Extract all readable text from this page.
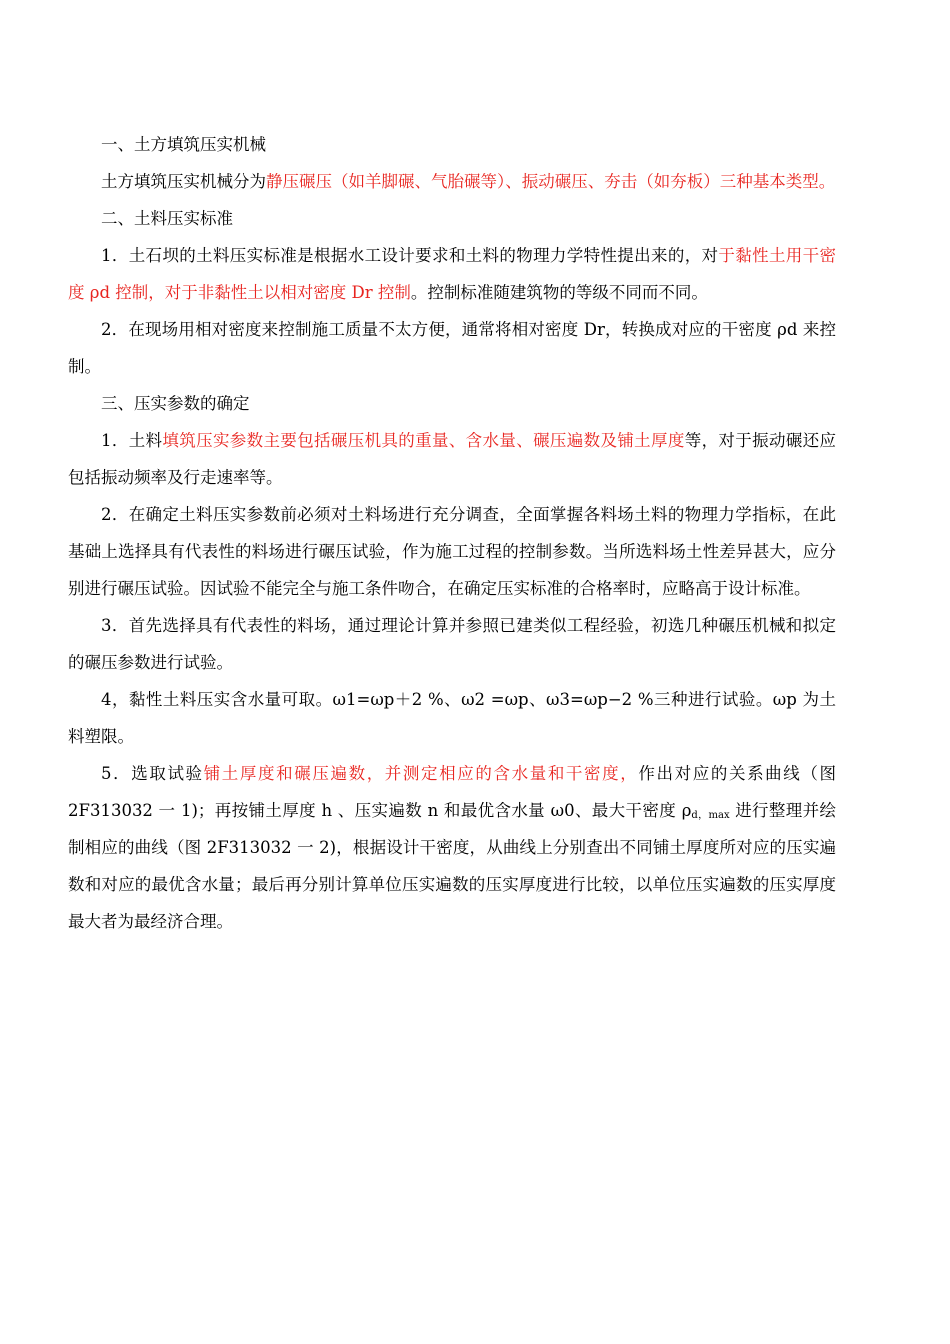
一、土方填筑压实机械

土方填筑压实机械分为静压碾压（如羊脚碾、气胎碾等）、振动碾压、夯击（如夯板）三种基本类型。

二、土料压实标准

1．土石坝的土料压实标准是根据水工设计要求和土料的物理力学特性提出来的，对于黏性土用干密度 ρd 控制，对于非黏性土以相对密度 Dr 控制。控制标准随建筑物的等级不同而不同。

2．在现场用相对密度来控制施工质量不太方便，通常将相对密度 Dr，转换成对应的干密度 ρd 来控制。

三、压实参数的确定

1．土料填筑压实参数主要包括碾压机具的重量、含水量、碾压遍数及铺土厚度等，对于振动碾还应包括振动频率及行走速率等。

2．在确定土料压实参数前必须对土料场进行充分调查，全面掌握各料场土料的物理力学指标，在此基础上选择具有代表性的料场进行碾压试验，作为施工过程的控制参数。当所选料场土性差异甚大，应分别进行碾压试验。因试验不能完全与施工条件吻合，在确定压实标准的合格率时，应略高于设计标准。

3．首先选择具有代表性的料场，通过理论计算并参照已建类似工程经验，初选几种碾压机械和拟定的碾压参数进行试验。

4，黏性土料压实含水量可取。ω1=ωp＋2 %、ω2 =ωp、ω3=ωp−2 %三种进行试验。ωp 为土料塑限。

5．选取试验铺土厚度和碾压遍数，并测定相应的含水量和干密度，作出对应的关系曲线（图 2F313032 一 1)；再按铺土厚度 h 、压实遍数 n 和最优含水量 ω0、最大干密度 $\rho_{d,max}$ 进行整理并绘制相应的曲线（图 2F313032 一 2)，根据设计干密度，从曲线上分别查出不同铺土厚度所对应的压实遍数和对应的最优含水量；最后再分别计算单位压实遍数的压实厚度进行比较，以单位压实遍数的压实厚度最大者为最经济合理。
